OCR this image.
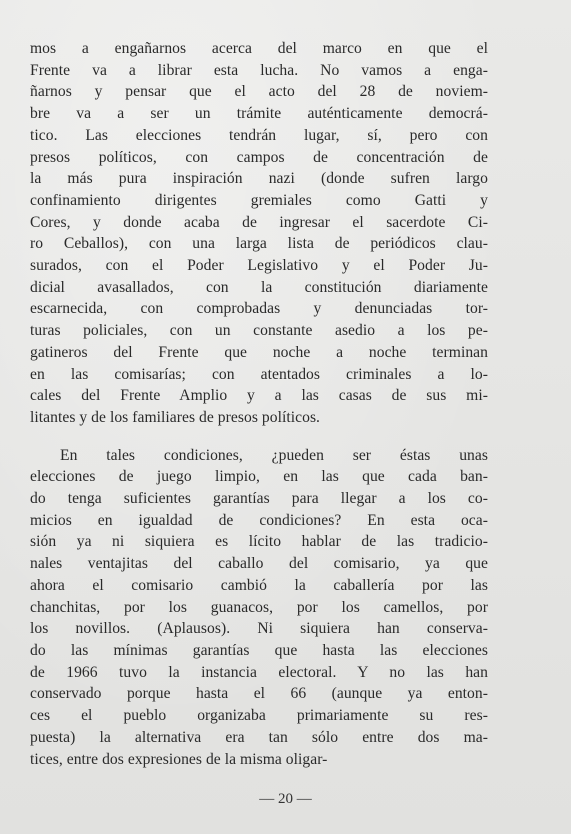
mos a engañarnos acerca del marco en que el
Frente va a librar esta lucha. No vamos a enga-
ñarnos y pensar que el acto del 28 de noviem-
bre va a ser un trámite auténticamente democrá-
tico. Las elecciones tendrán lugar, sí, pero con
presos políticos, con campos de concentración de
la más pura inspiración nazi (donde sufren largo
confinamiento dirigentes gremiales como Gatti y
Cores, y donde acaba de ingresar el sacerdote Ci-
ro Ceballos), con una larga lista de periódicos clau-
surados, con el Poder Legislativo y el Poder Ju-
dicial avasallados, con la constitución diariamente
escarnecida, con comprobadas y denunciadas tor-
turas policiales, con un constante asedio a los pe-
gatineros del Frente que noche a noche terminan
en las comisarías; con atentados criminales a lo-
cales del Frente Amplio y a las casas de sus mi-
litantes y de los familiares de presos políticos.

En tales condiciones, ¿pueden ser éstas unas
elecciones de juego limpio, en las que cada ban-
do tenga suficientes garantías para llegar a los co-
micios en igualdad de condiciones? En esta oca-
sión ya ni siquiera es lícito hablar de las tradicio-
nales ventajitas del caballo del comisario, ya que
ahora el comisario cambió la caballería por las
chanchitas, por los guanacos, por los camellos, por
los novillos. (Aplausos). Ni siquiera han conserva-
do las mínimas garantías que hasta las elecciones
de 1966 tuvo la instancia electoral. Y no las han
conservado porque hasta el 66 (aunque ya enton-
ces el pueblo organizaba primariamente su res-
puesta) la alternativa era tan sólo entre dos ma-
tices, entre dos expresiones de la misma oligar-

— 20 —
